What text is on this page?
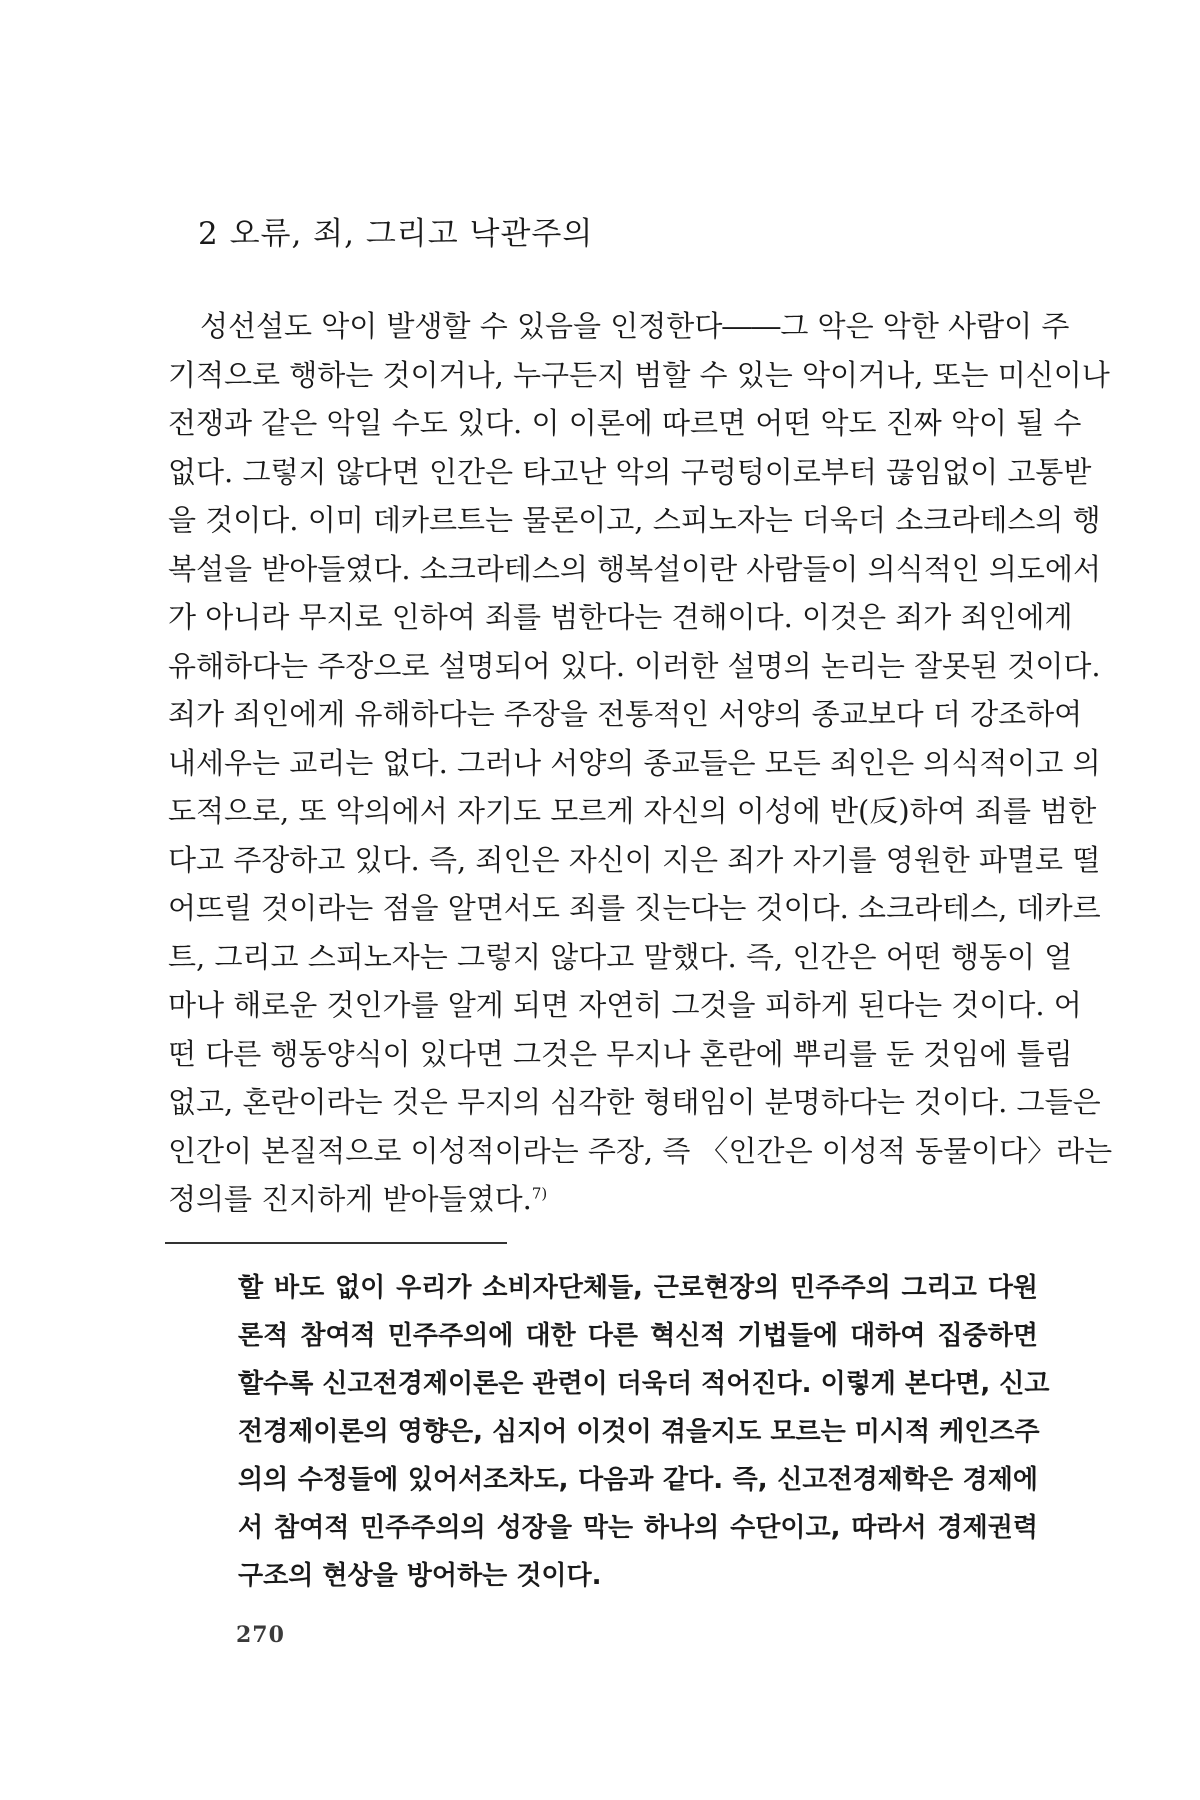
2 오류, 죄, 그리고 낙관주의
성선설도 악이 발생할 수 있음을 인정한다――그 악은 악한 사람이 주
기적으로 행하는 것이거나, 누구든지 범할 수 있는 악이거나, 또는 미신이나
전쟁과 같은 악일 수도 있다. 이 이론에 따르면 어떤 악도 진짜 악이 될 수
없다. 그렇지 않다면 인간은 타고난 악의 구렁텅이로부터 끊임없이 고통받
을 것이다. 이미 데카르트는 물론이고, 스피노자는 더욱더 소크라테스의 행
복설을 받아들였다. 소크라테스의 행복설이란 사람들이 의식적인 의도에서
가 아니라 무지로 인하여 죄를 범한다는 견해이다. 이것은 죄가 죄인에게
유해하다는 주장으로 설명되어 있다. 이러한 설명의 논리는 잘못된 것이다.
죄가 죄인에게 유해하다는 주장을 전통적인 서양의 종교보다 더 강조하여
내세우는 교리는 없다. 그러나 서양의 종교들은 모든 죄인은 의식적이고 의
도적으로, 또 악의에서 자기도 모르게 자신의 이성에 반(反)하여 죄를 범한
다고 주장하고 있다. 즉, 죄인은 자신이 지은 죄가 자기를 영원한 파멸로 떨
어뜨릴 것이라는 점을 알면서도 죄를 짓는다는 것이다. 소크라테스, 데카르
트, 그리고 스피노자는 그렇지 않다고 말했다. 즉, 인간은 어떤 행동이 얼
마나 해로운 것인가를 알게 되면 자연히 그것을 피하게 된다는 것이다. 어
떤 다른 행동양식이 있다면 그것은 무지나 혼란에 뿌리를 둔 것임에 틀림
없고, 혼란이라는 것은 무지의 심각한 형태임이 분명하다는 것이다. 그들은
인간이 본질적으로 이성적이라는 주장, 즉 〈인간은 이성적 동물이다〉라는
정의를 진지하게 받아들였다.$^{7)}$
할 바도 없이 우리가 소비자단체들, 근로현장의 민주주의 그리고 다원
론적 참여적 민주주의에 대한 다른 혁신적 기법들에 대하여 집중하면
할수록 신고전경제이론은 관련이 더욱더 적어진다. 이렇게 본다면, 신고
전경제이론의 영향은, 심지어 이것이 겪을지도 모르는 미시적 케인즈주
의의 수정들에 있어서조차도, 다음과 같다. 즉, 신고전경제학은 경제에
서 참여적 민주주의의 성장을 막는 하나의 수단이고, 따라서 경제권력
구조의 현상을 방어하는 것이다.
270
